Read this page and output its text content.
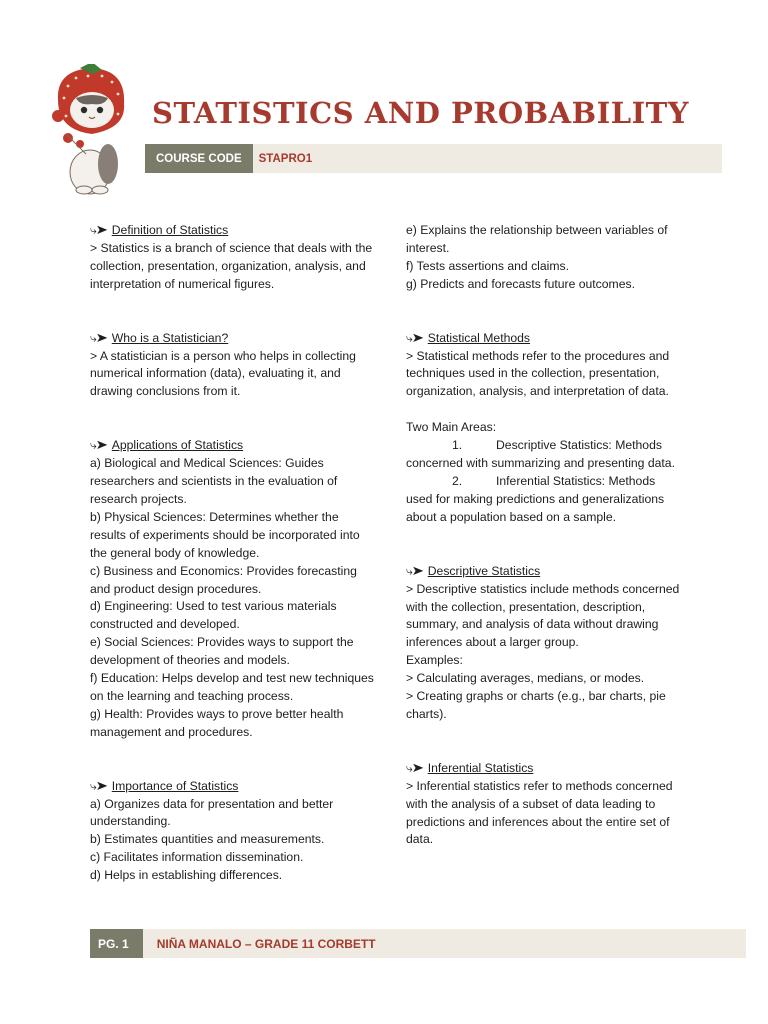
STATISTICS AND PROBABILITY
COURSE CODE	STAPRO1
⤷➤ Definition of Statistics

> Statistics is a branch of science that deals with the collection, presentation, organization, analysis, and interpretation of numerical figures.

⤷➤ Who is a Statistician?

> A statistician is a person who helps in collecting numerical information (data), evaluating it, and drawing conclusions from it.

⤷➤ Applications of Statistics

a) Biological and Medical Sciences: Guides researchers and scientists in the evaluation of research projects.

b) Physical Sciences: Determines whether the results of experiments should be incorporated into the general body of knowledge.

c) Business and Economics: Provides forecasting and product design procedures.

d) Engineering: Used to test various materials constructed and developed.

e) Social Sciences: Provides ways to support the development of theories and models.

f) Education: Helps develop and test new techniques on the learning and teaching process.

g) Health: Provides ways to prove better health management and procedures.

⤷➤ Importance of Statistics

a) Organizes data for presentation and better understanding.

b) Estimates quantities and measurements.

c) Facilitates information dissemination.

d) Helps in establishing differences.

e) Explains the relationship between variables of interest.

f) Tests assertions and claims.

g) Predicts and forecasts future outcomes.

⤷➤ Statistical Methods

> Statistical methods refer to the procedures and techniques used in the collection, presentation, organization, analysis, and interpretation of data.

Two Main Areas:

1.	Descriptive Statistics: Methods

concerned with summarizing and presenting data.

2.	Inferential Statistics: Methods

used for making predictions and generalizations about a population based on a sample.

⤷➤ Descriptive Statistics

> Descriptive statistics include methods concerned with the collection, presentation, description, summary, and analysis of data without drawing inferences about a larger group.

Examples:

> Calculating averages, medians, or modes.

> Creating graphs or charts (e.g., bar charts, pie charts).

⤷➤ Inferential Statistics

> Inferential statistics refer to methods concerned with the analysis of a subset of data leading to predictions and inferences about the entire set of data.

PG. 1	NIÑA MANALO – GRADE 11 CORBETT
